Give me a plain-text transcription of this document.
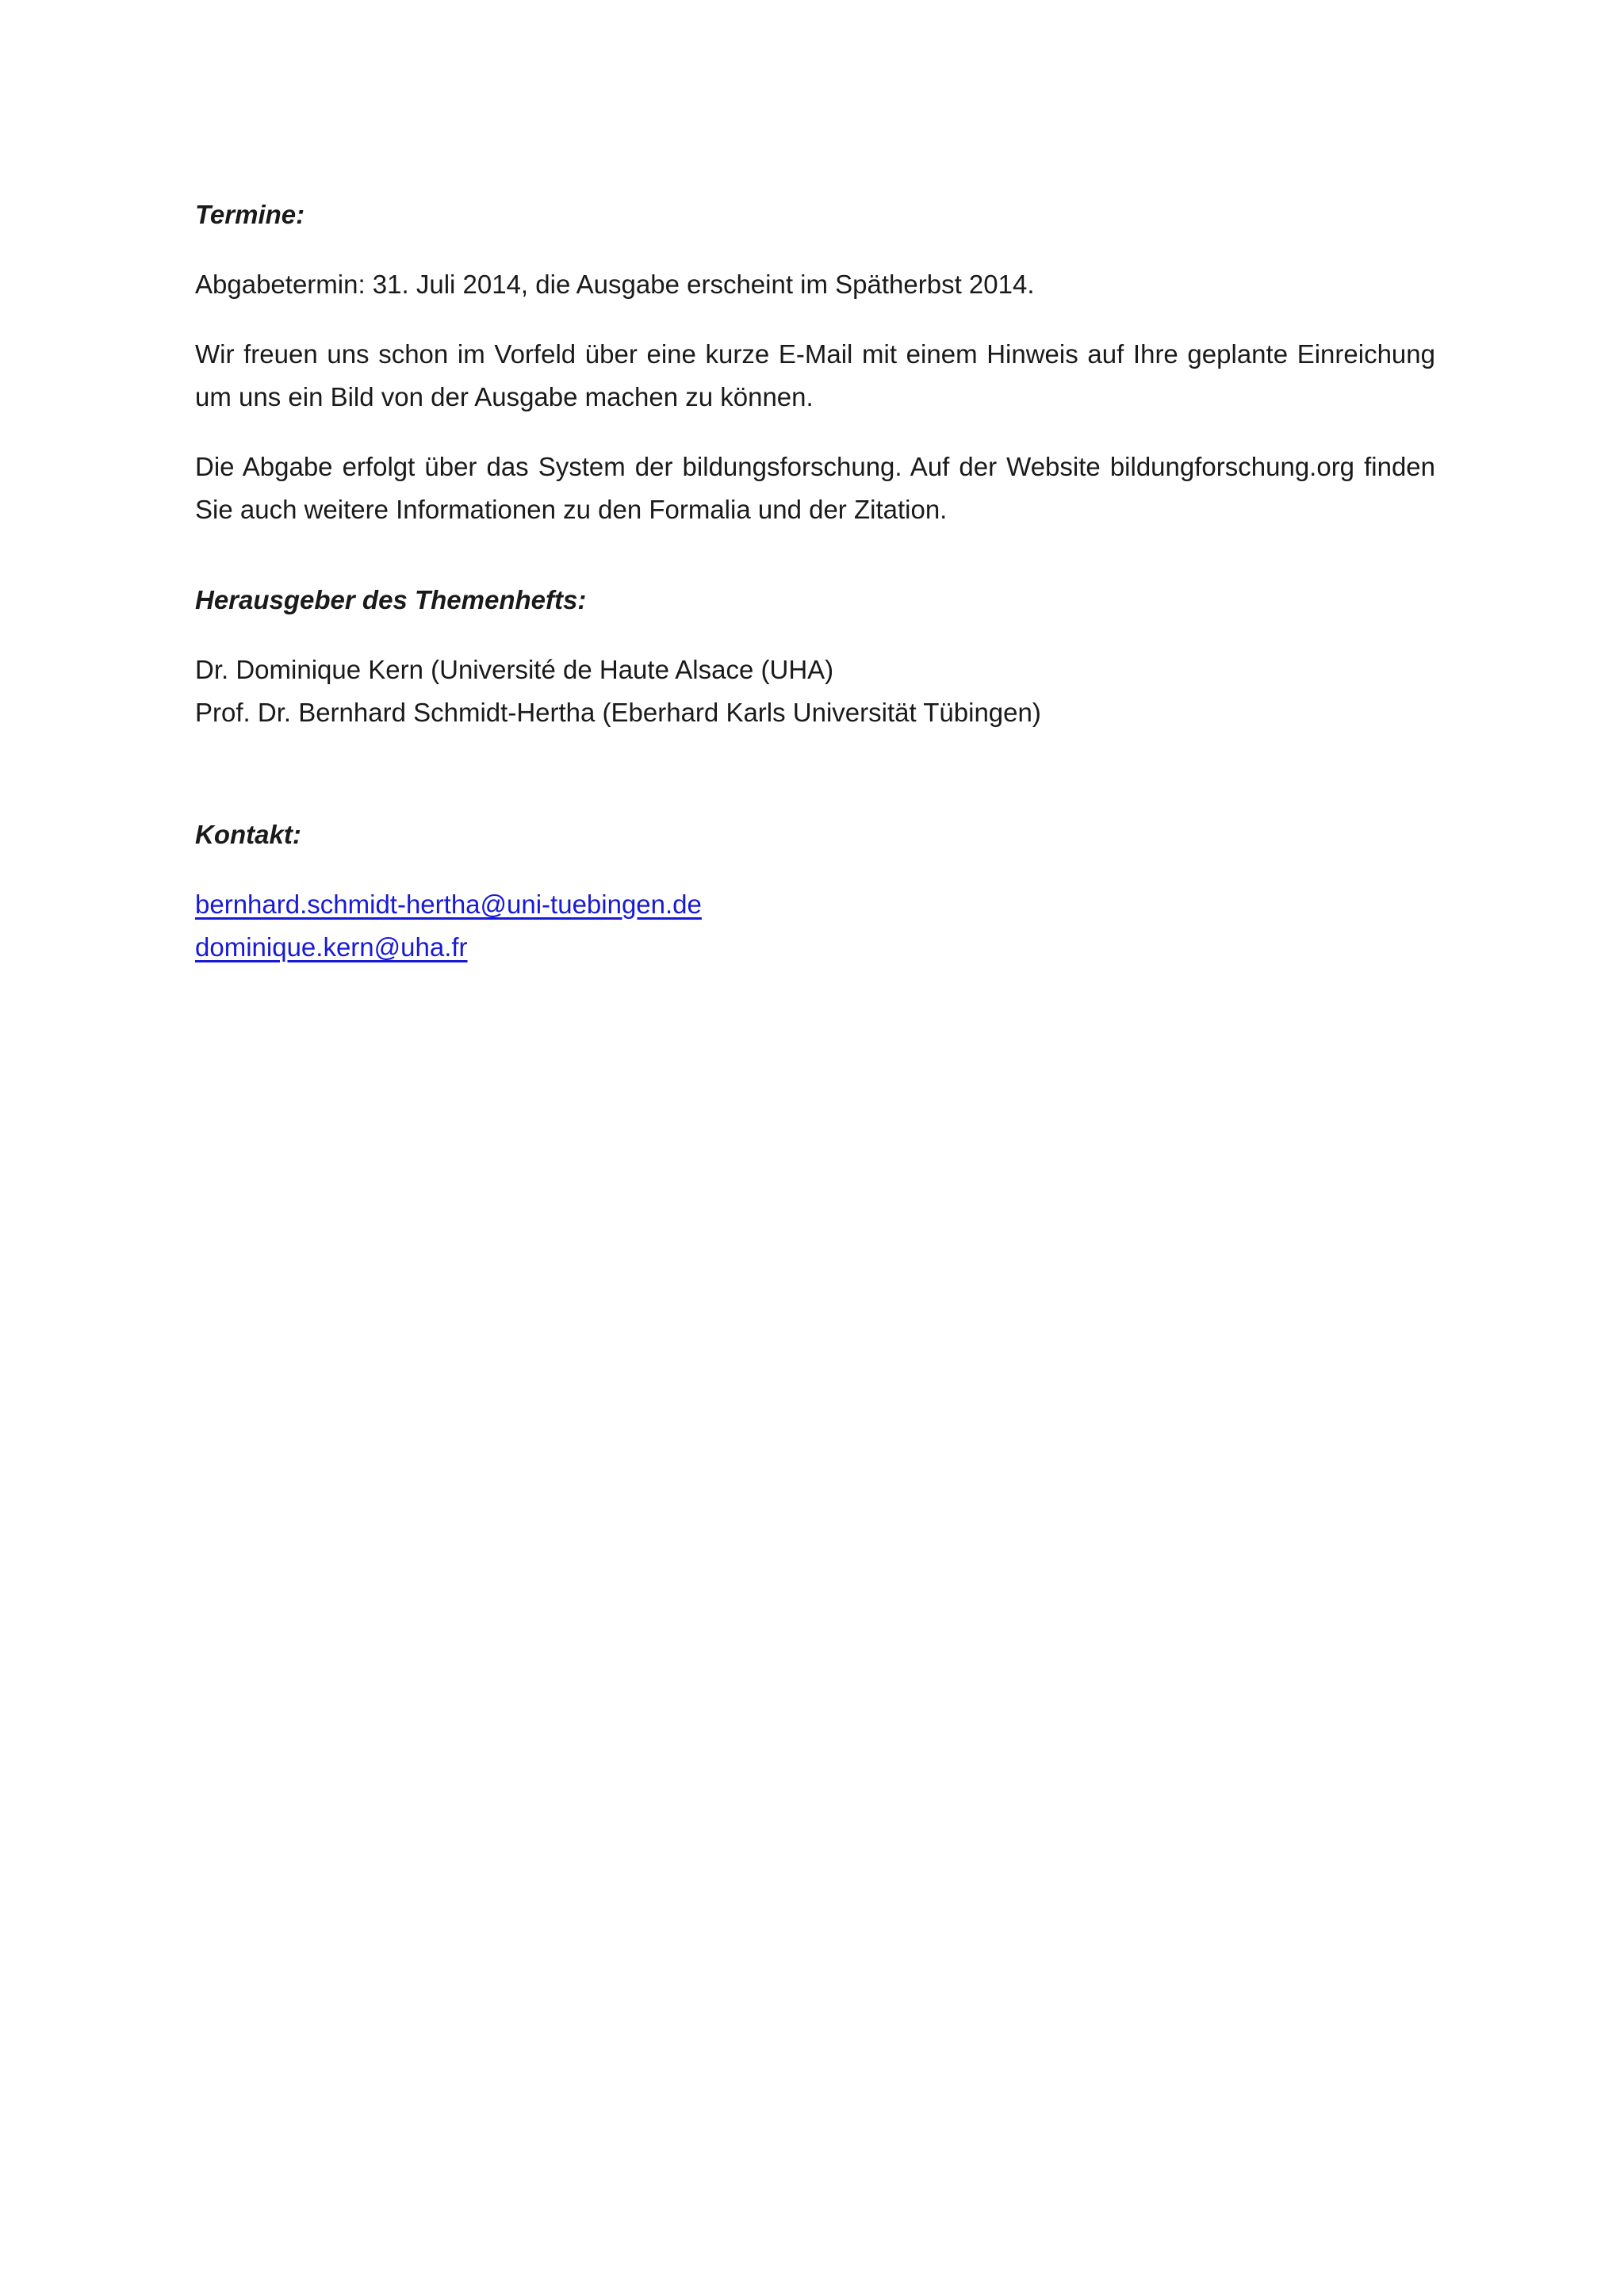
Termine:

Abgabetermin: 31. Juli 2014, die Ausgabe erscheint im Spätherbst 2014.

Wir freuen uns schon im Vorfeld über eine kurze E-Mail mit einem Hinweis auf Ihre geplante Einreichung um uns ein Bild von der Ausgabe machen zu können.

Die Abgabe erfolgt über das System der bildungsforschung. Auf der Website bildungforschung.org finden Sie auch weitere Informationen zu den Formalia und der Zitation.

Herausgeber des Themenhefts:

Dr. Dominique Kern (Université de Haute Alsace (UHA)
Prof. Dr. Bernhard Schmidt-Hertha (Eberhard Karls Universität Tübingen)

Kontakt:

bernhard.schmidt-hertha@uni-tuebingen.de
dominique.kern@uha.fr
